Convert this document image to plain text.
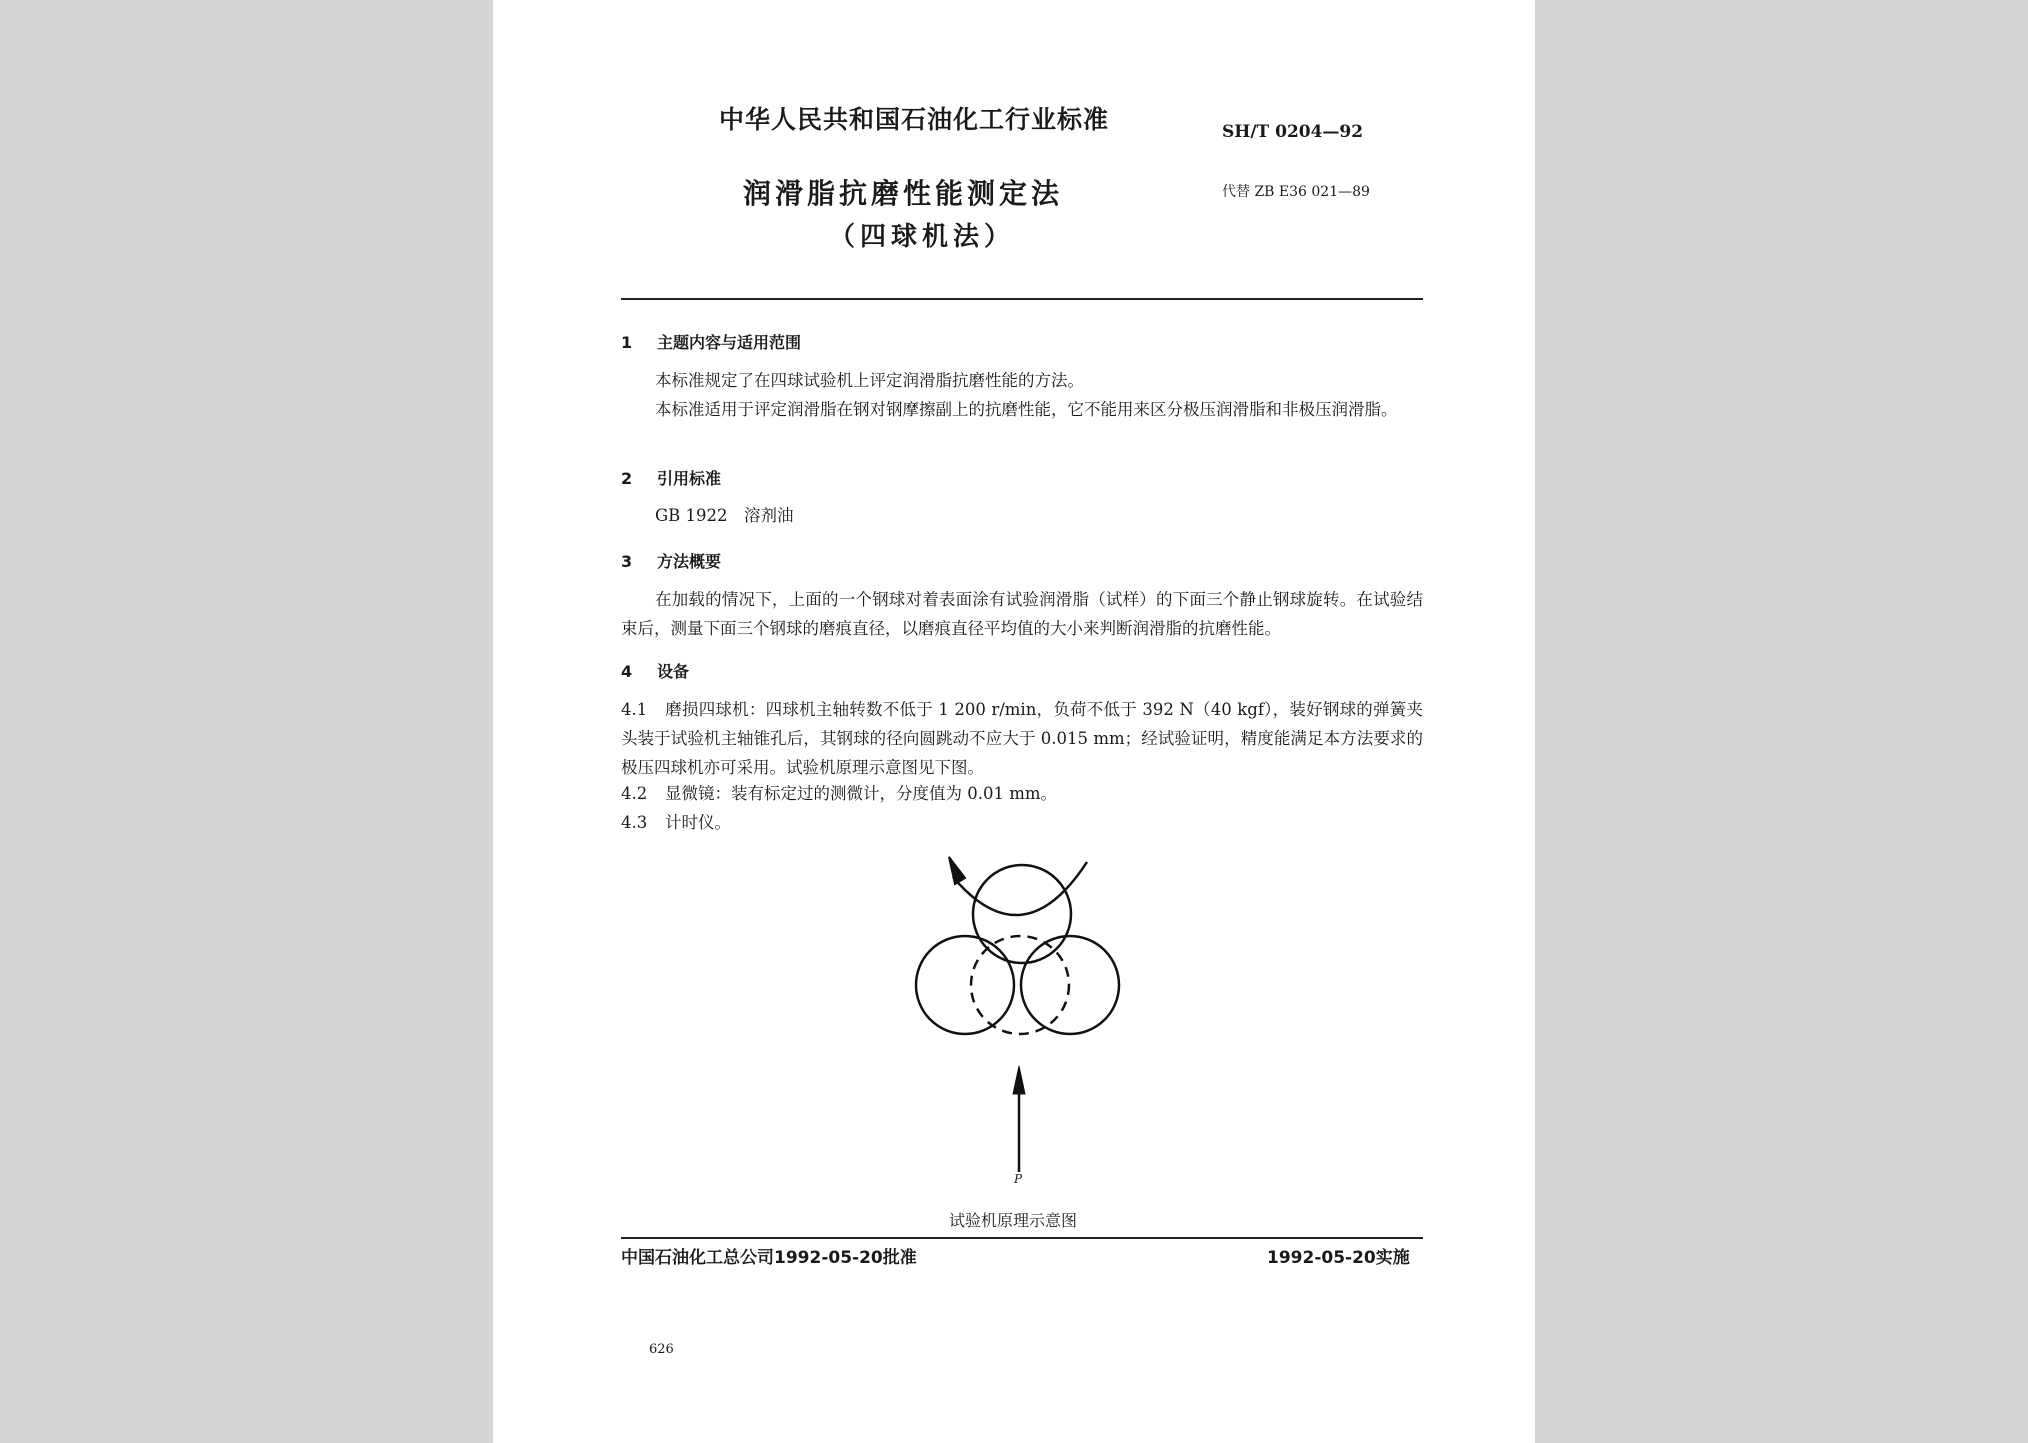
中华人民共和国石油化工行业标准	SH/T 0204—92
润滑脂抗磨性能测定法
（四球机法）
代替 ZB E36 021—89
1 主题内容与适用范围
本标准规定了在四球试验机上评定润滑脂抗磨性能的方法。
本标准适用于评定润滑脂在钢对钢摩擦副上的抗磨性能，它不能用来区分极压润滑脂和非极压润滑脂。
2 引用标准
GB 1922　溶剂油
3 方法概要
在加载的情况下，上面的一个钢球对着表面涂有试验润滑脂（试样）的下面三个静止钢球旋转。在试验结束后，测量下面三个钢球的磨痕直径，以磨痕直径平均值的大小来判断润滑脂的抗磨性能。
4 设备
4.1 磨损四球机：四球机主轴转数不低于 1 200 r/min，负荷不低于 392 N（40 kgf），装好钢球的弹簧夹头装于试验机主轴锥孔后，其钢球的径向圆跳动不应大于 0.015 mm；经试验证明，精度能满足本方法要求的极压四球机亦可采用。试验机原理示意图见下图。
4.2 显微镜：装有标定过的测微计，分度值为 0.01 mm。
4.3 计时仪。
P
试验机原理示意图
中国石油化工总公司1992-05-20批准	1992-05-20实施
626
